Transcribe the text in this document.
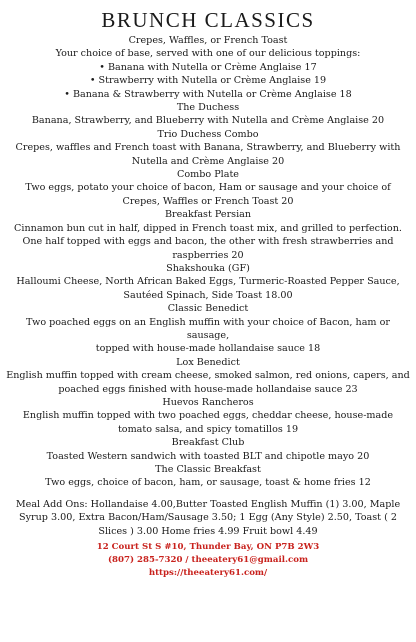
BRUNCH CLASSICS

Crepes, Waffles, or French Toast

Your choice of base, served with one of our delicious toppings:

• Banana with Nutella or Crème Anglaise 17

• Strawberry with Nutella or Crème Anglaise 19

• Banana & Strawberry with Nutella or Crème Anglaise 18

The Duchess

Banana, Strawberry, and Blueberry with Nutella and Crème Anglaise 20

Trio Duchess Combo

Crepes, waffles and French toast with Banana, Strawberry, and Blueberry with

Nutella and Crème Anglaise 20

Combo Plate

Two eggs, potato your choice of bacon, Ham or sausage and your choice of

Crepes, Waffles or French Toast 20

Breakfast Persian

Cinnamon bun cut in half, dipped in French toast mix, and grilled to perfection.

One half topped with eggs and bacon, the other with fresh strawberries and

raspberries 20

Shakshouka (GF)

Halloumi Cheese, North African Baked Eggs, Turmeric-Roasted Pepper Sauce,

Sautéed Spinach, Side Toast 18.00

Classic Benedict

Two poached eggs on an English muffin with your choice of Bacon, ham or

sausage,

topped with house-made hollandaise sauce 18

Lox Benedict

English muffin topped with cream cheese, smoked salmon, red onions, capers, and

poached eggs finished with house-made hollandaise sauce 23

Huevos Rancheros

English muffin topped with two poached eggs, cheddar cheese, house-made

tomato salsa, and spicy tomatillos 19

Breakfast Club

Toasted Western sandwich with toasted BLT and chipotle mayo 20

The Classic Breakfast

Two eggs, choice of bacon, ham, or sausage, toast & home fries 12

Meal Add Ons: Hollandaise 4.00,Butter Toasted English Muffin (1) 3.00, Maple

Syrup 3.00, Extra Bacon/Ham/Sausage 3.50; 1 Egg (Any Style) 2.50, Toast ( 2

Slices ) 3.00 Home fries 4.99 Fruit bowl 4.49

12 Court St S #10, Thunder Bay, ON P7B 2W3

(807) 285-7320 / theeatery61@gmail.com

https://theeatery61.com/
